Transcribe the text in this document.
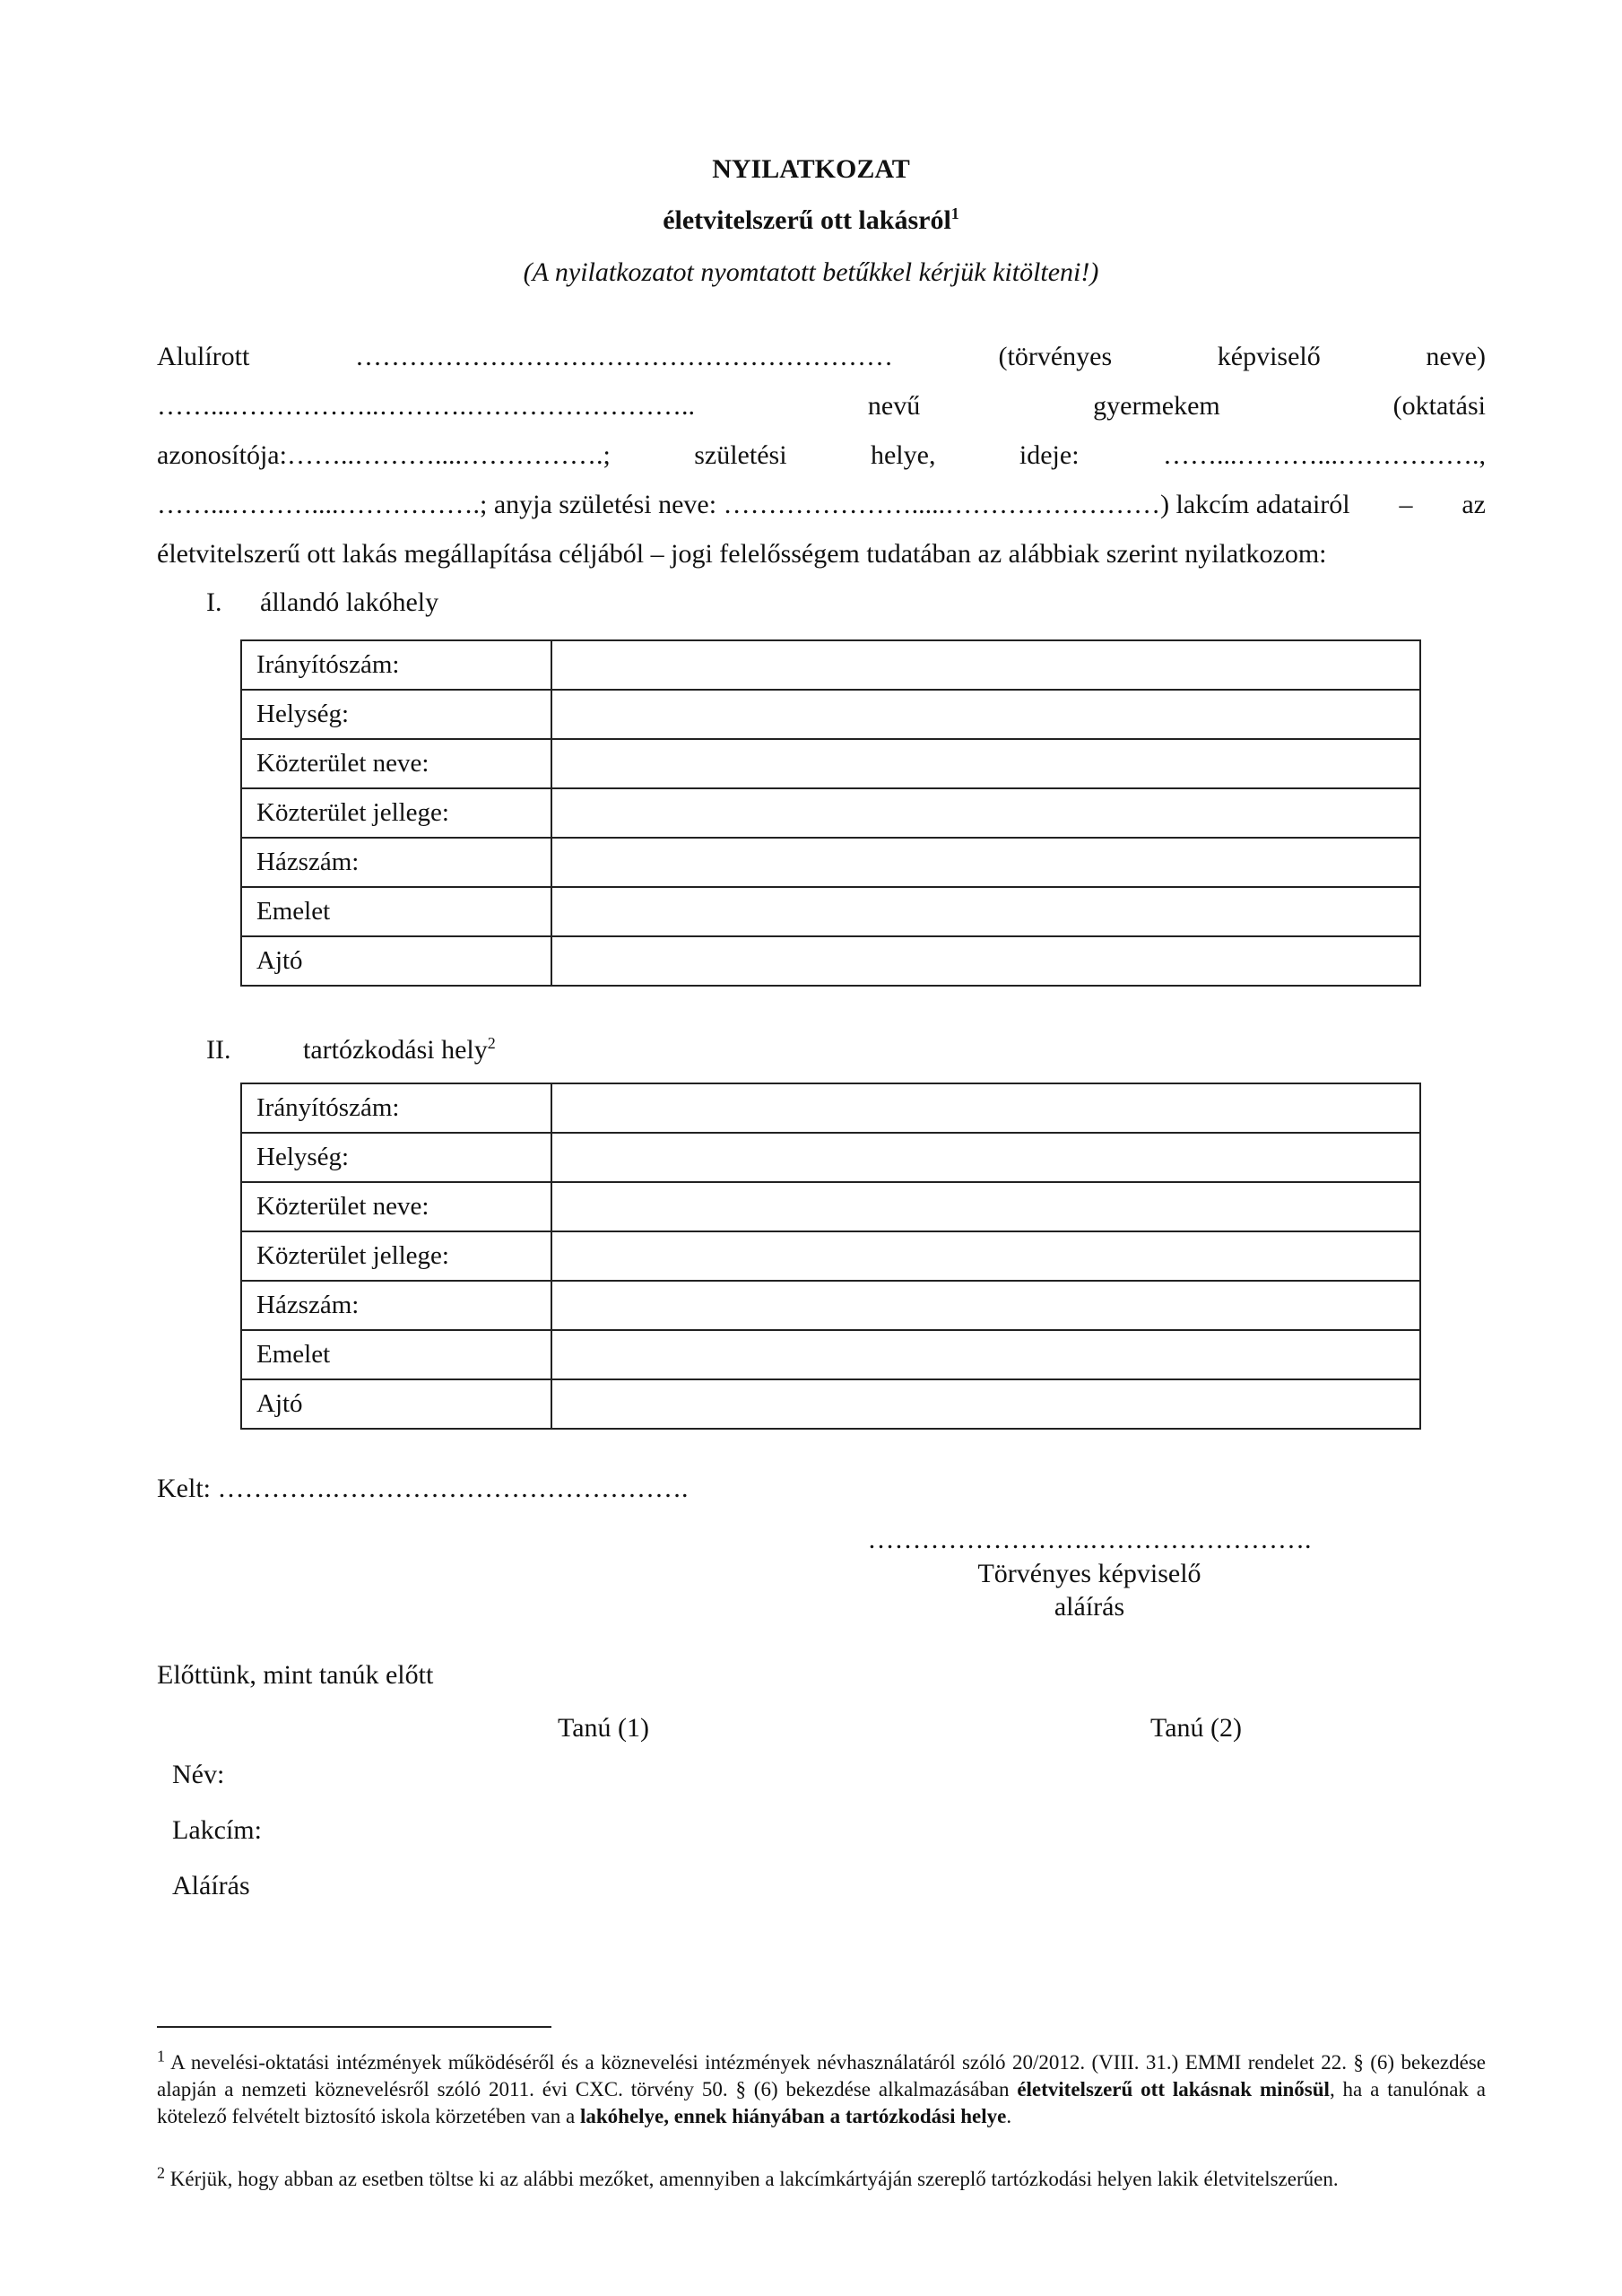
NYILATKOZAT
életvitelszerű ott lakásról$^1$
(A nyilatkozatot nyomtatott betűkkel kérjük kitölteni!)
Alulírott	……………………………………………………	(törvényes	képviselő	neve)
……...……………..……….……………………..	nevű	gyermekem	(oktatási
azonosítója:……..………....…………….;	születési	helye,	ideje:	……...………...…………….,
……...………....…………….; anyja születési neve: ………………….....……………………) lakcím adatairól – az
életvitelszerű ott lakás megállapítása céljából – jogi felelősségem tudatában az alábbiak szerint nyilatkozom:
I. állandó lakóhely
Irányítószám:	
Helység:	
Közterület neve:	
Közterület jellege:	
Házszám:	
Emelet	
Ajtó	
II.	tartózkodási hely$^2$
Irányítószám:	
Helység:	
Közterület neve:	
Közterület jellege:	
Házszám:	
Emelet	
Ajtó	
Kelt: ………….………………………………….
…………………….…………………….
Törvényes képviselő
aláírás
Előttünk, mint tanúk előtt
Tanú (1)	Tanú (2)
Név:
Lakcím:
Aláírás
$^1$ A nevelési-oktatási intézmények működéséről és a köznevelési intézmények névhasználatáról szóló 20/2012. (VIII. 31.) EMMI rendelet 22. § (6) bekezdése alapján a nemzeti köznevelésről szóló 2011. évi CXC. törvény 50. § (6) bekezdése alkalmazásában életvitelszerű ott lakásnak minősül, ha a tanulónak a kötelező felvételt biztosító iskola körzetében van a lakóhelye, ennek hiányában a tartózkodási helye.
$^2$ Kérjük, hogy abban az esetben töltse ki az alábbi mezőket, amennyiben a lakcímkártyáján szereplő tartózkodási helyen lakik életvitelszerűen.
